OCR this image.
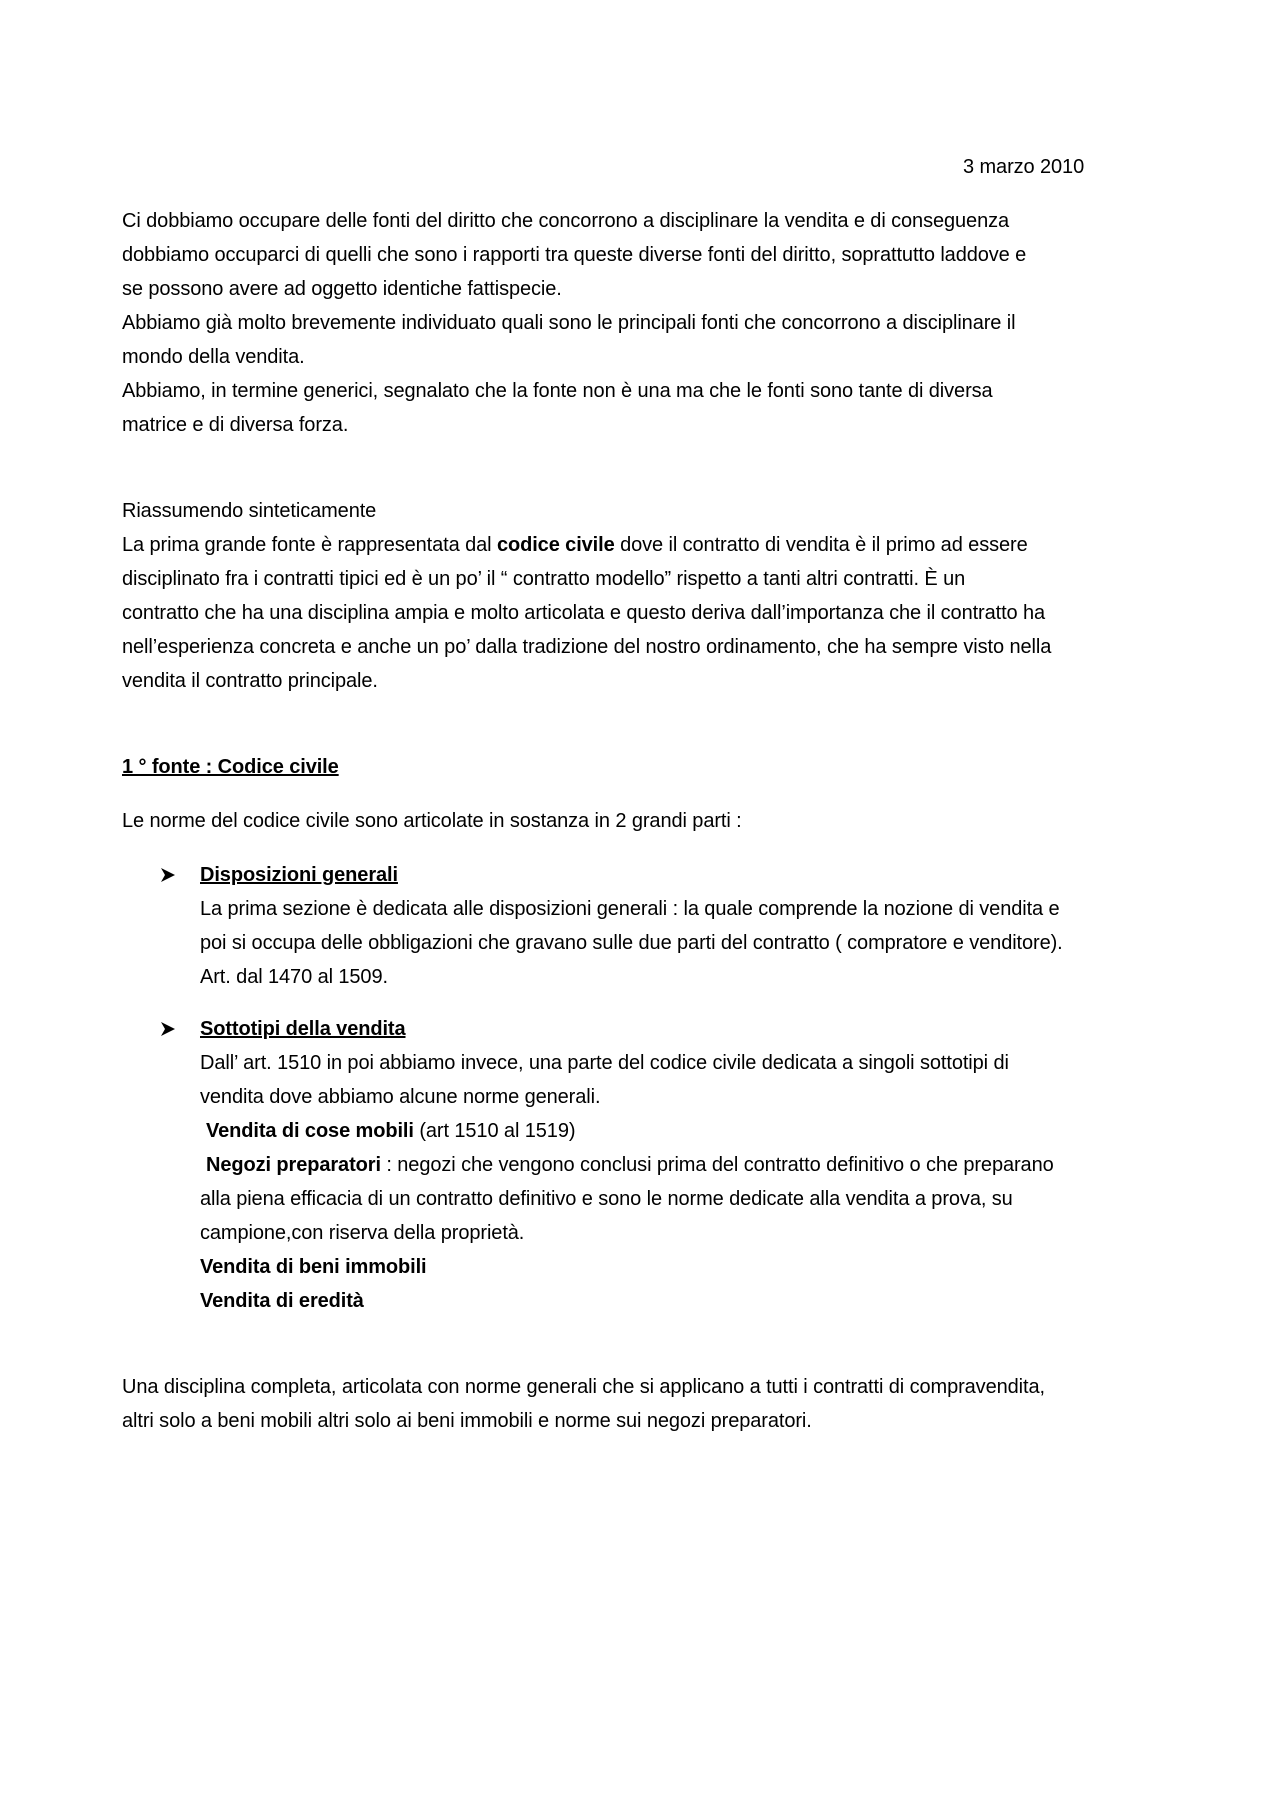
3 marzo 2010
Ci dobbiamo occupare delle fonti del diritto che concorrono a disciplinare la vendita e di conseguenza
dobbiamo occuparci di quelli che sono i rapporti tra queste diverse fonti del diritto, soprattutto laddove e
se possono avere ad oggetto identiche fattispecie.
Abbiamo già molto brevemente individuato quali sono le principali fonti che concorrono a disciplinare il
mondo della vendita.
Abbiamo, in termine generici, segnalato che la fonte non è una ma che le fonti sono tante di diversa
matrice e di diversa forza.
Riassumendo sinteticamente
La prima grande fonte è rappresentata dal codice civile dove il contratto di vendita è il primo ad essere
disciplinato fra i contratti tipici ed è un po’ il “ contratto modello” rispetto a tanti altri contratti. È un
contratto che ha una disciplina ampia e molto articolata e questo deriva dall’importanza che il contratto ha
nell’esperienza concreta e anche un po’ dalla tradizione del nostro ordinamento, che ha sempre visto nella
vendita il contratto principale.
1 ° fonte : Codice civile
Le norme del codice civile sono articolate in sostanza in 2 grandi parti :
Disposizioni generali
La prima sezione è dedicata alle disposizioni generali : la quale comprende la nozione di vendita e
poi si occupa delle obbligazioni che gravano sulle due parti del contratto ( compratore e venditore).
Art. dal 1470 al 1509.
Sottotipi della vendita
Dall’ art. 1510 in poi abbiamo invece, una parte del codice civile dedicata a singoli sottotipi di
vendita dove abbiamo alcune norme generali.
Vendita di cose mobili (art 1510 al 1519)
Negozi preparatori : negozi che vengono conclusi prima del contratto definitivo o che preparano
alla piena efficacia di un contratto definitivo e sono le norme dedicate alla vendita a prova, su
campione,con riserva della proprietà.
Vendita di beni immobili
Vendita di eredità
Una disciplina completa, articolata con norme generali che si applicano a tutti i contratti di compravendita,
altri solo a beni mobili altri solo ai beni immobili e norme sui negozi preparatori.
